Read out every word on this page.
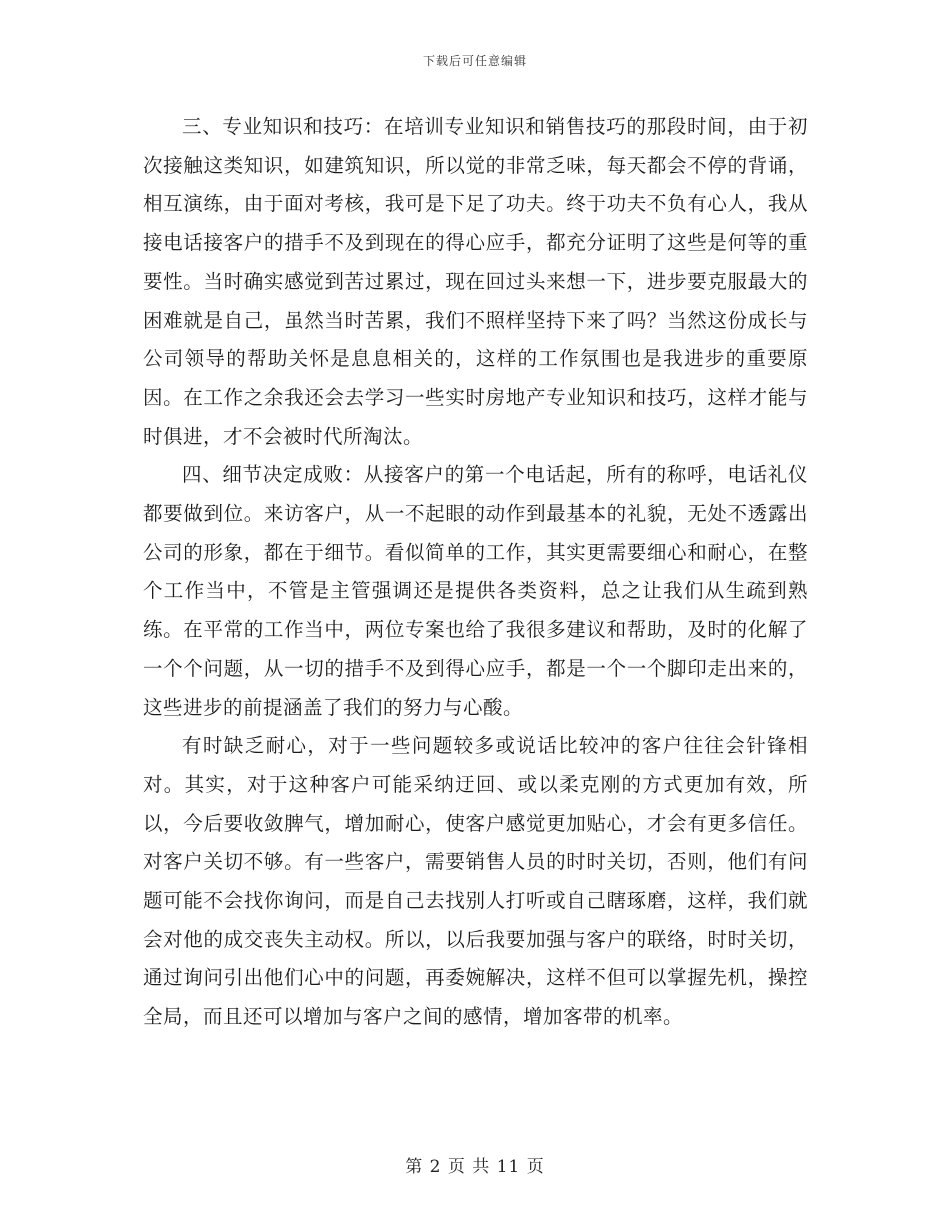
下载后可任意编辑

三、专业知识和技巧：在培训专业知识和销售技巧的那段时间，由于初次接触这类知识，如建筑知识，所以觉的非常乏味，每天都会不停的背诵，相互演练，由于面对考核，我可是下足了功夫。终于功夫不负有心人，我从接电话接客户的措手不及到现在的得心应手，都充分证明了这些是何等的重要性。当时确实感觉到苦过累过，现在回过头来想一下，进步要克服最大的困难就是自己，虽然当时苦累，我们不照样坚持下来了吗？当然这份成长与公司领导的帮助关怀是息息相关的，这样的工作氛围也是我进步的重要原因。在工作之余我还会去学习一些实时房地产专业知识和技巧，这样才能与时俱进，才不会被时代所淘汰。

四、细节决定成败：从接客户的第一个电话起，所有的称呼，电话礼仪都要做到位。来访客户，从一不起眼的动作到最基本的礼貌，无处不透露出公司的形象，都在于细节。看似简单的工作，其实更需要细心和耐心，在整个工作当中，不管是主管强调还是提供各类资料，总之让我们从生疏到熟练。在平常的工作当中，两位专案也给了我很多建议和帮助，及时的化解了一个个问题，从一切的措手不及到得心应手，都是一个一个脚印走出来的，这些进步的前提涵盖了我们的努力与心酸。

有时缺乏耐心，对于一些问题较多或说话比较冲的客户往往会针锋相对。其实，对于这种客户可能采纳迂回、或以柔克刚的方式更加有效，所以，今后要收敛脾气，增加耐心，使客户感觉更加贴心，才会有更多信任。对客户关切不够。有一些客户，需要销售人员的时时关切，否则，他们有问题可能不会找你询问，而是自己去找别人打听或自己瞎琢磨，这样，我们就会对他的成交丧失主动权。所以，以后我要加强与客户的联络，时时关切，通过询问引出他们心中的问题，再委婉解决，这样不但可以掌握先机，操控全局，而且还可以增加与客户之间的感情，增加客带的机率。

第 2 页 共 11 页
